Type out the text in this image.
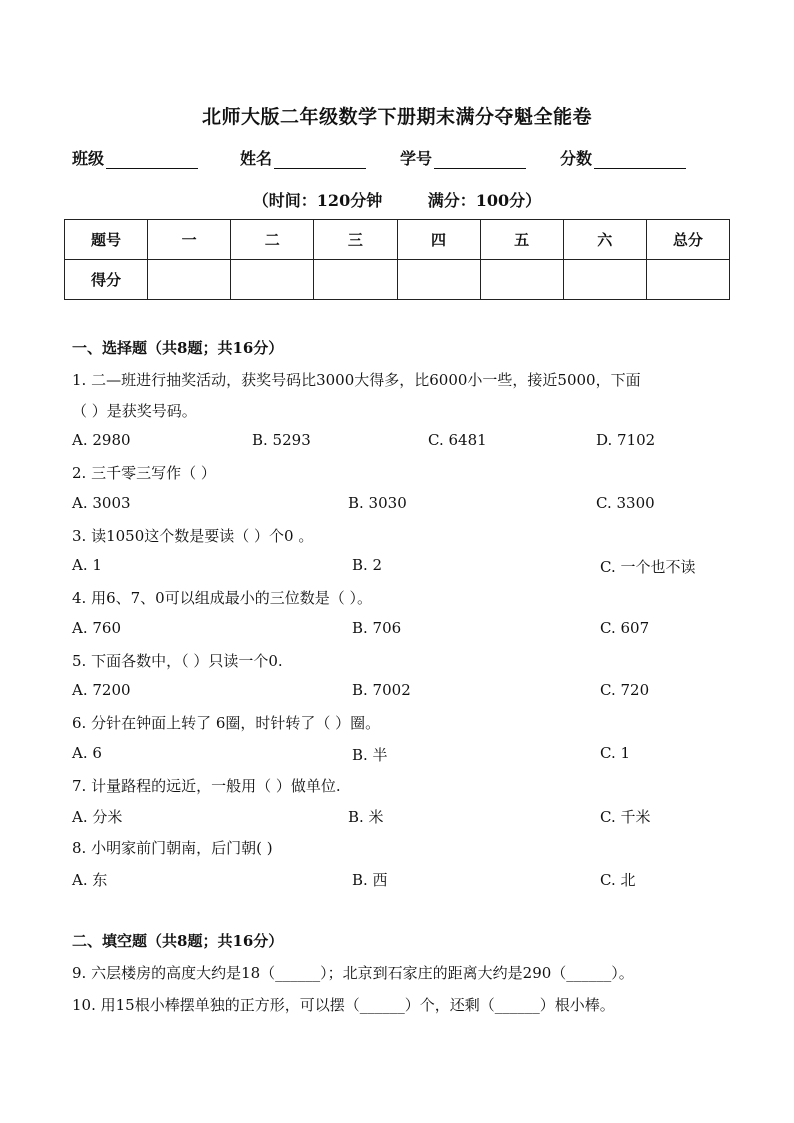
北师大版二年级数学下册期末满分夺魁全能卷
班级	姓名	学号	分数
（时间：120分钟	满分：100分）
题号	一	二	三	四	五	六	总分
得分							
一、选择题（共8题；共16分）
1. 二—班进行抽奖活动，获奖号码比3000大得多，比6000小一些，接近5000，下面
（ ）是获奖号码。
A. 2980	B. 5293	C. 6481	D. 7102
2. 三千零三写作（ ）
A. 3003	B. 3030	C. 3300
3. 读1050这个数是要读（ ）个0 。
A. 1	B. 2	C. 一个也不读
4. 用6、7、0可以组成最小的三位数是（ ）。
A. 760	B. 706	C. 607
5. 下面各数中，（ ）只读一个0.
A. 7200	B. 7002	C. 720
6. 分针在钟面上转了 6圈，时针转了（ ）圈。
A. 6	B. 半	C. 1
7. 计量路程的远近，一般用（ ）做单位.
A. 分米	B. 米	C. 千米
8. 小明家前门朝南，后门朝( )
A. 东	B. 西	C. 北
二、填空题（共8题；共16分）
9. 六层楼房的高度大约是18（______）；北京到石家庄的距离大约是290（______）。
10. 用15根小棒摆单独的正方形，可以摆（______）个，还剩（______）根小棒。
